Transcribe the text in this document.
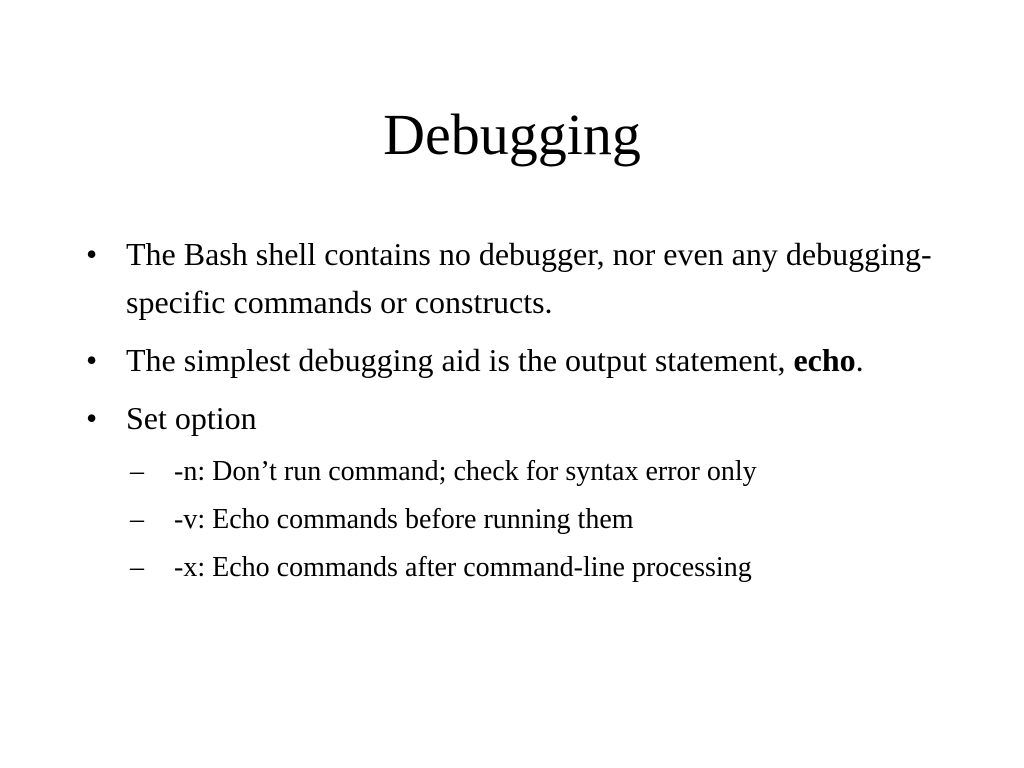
Debugging
• The Bash shell contains no debugger, nor even any debugging-specific commands or constructs.
• The simplest debugging aid is the output statement, echo.
• Set option
– -n: Don’t run command; check for syntax error only
– -v: Echo commands before running them
– -x: Echo commands after command-line processing
